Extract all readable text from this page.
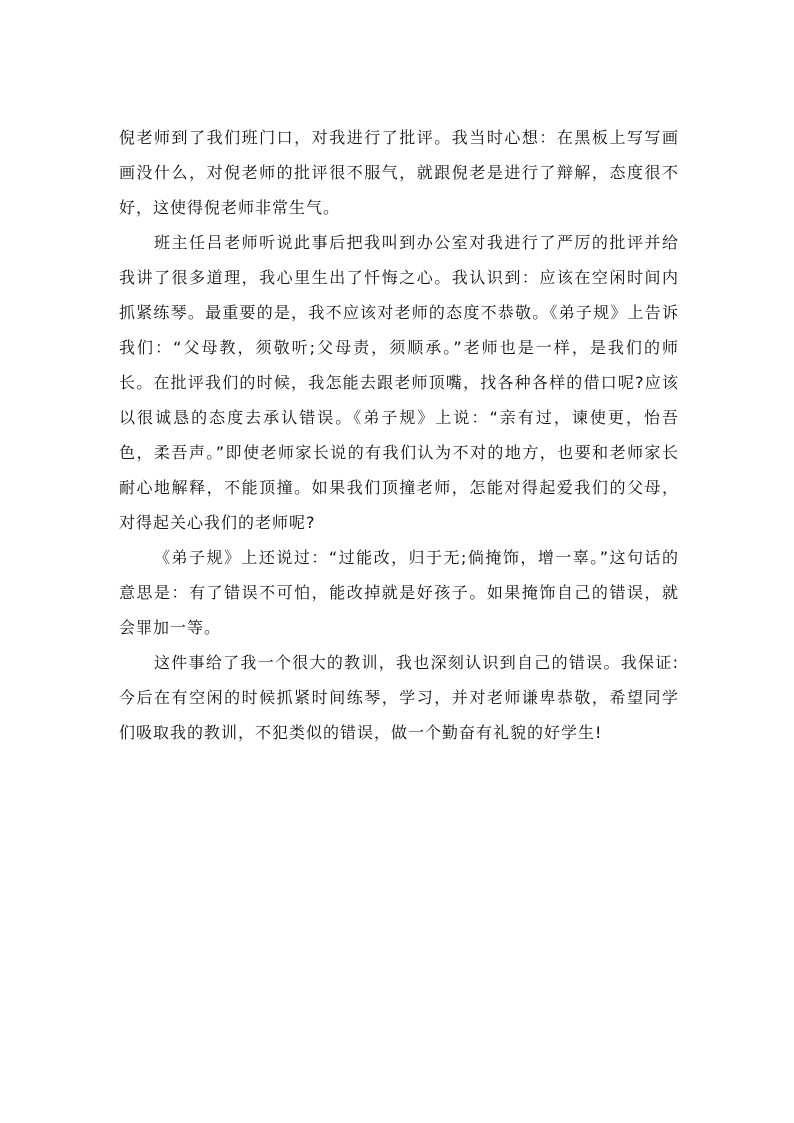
倪老师到了我们班门口，对我进行了批评。我当时心想：在黑板上写写画画没什么，对倪老师的批评很不服气，就跟倪老是进行了辩解，态度很不好，这使得倪老师非常生气。

班主任吕老师听说此事后把我叫到办公室对我进行了严厉的批评并给我讲了很多道理，我心里生出了忏悔之心。我认识到：应该在空闲时间内抓紧练琴。最重要的是，我不应该对老师的态度不恭敬。《弟子规》上告诉我们：“父母教，须敬听;父母责，须顺承。”老师也是一样，是我们的师长。在批评我们的时候，我怎能去跟老师顶嘴，找各种各样的借口呢?应该以很诚恳的态度去承认错误。《弟子规》上说：“亲有过，谏使更，怡吾色，柔吾声。”即使老师家长说的有我们认为不对的地方，也要和老师家长耐心地解释，不能顶撞。如果我们顶撞老师，怎能对得起爱我们的父母，对得起关心我们的老师呢?

《弟子规》上还说过：“过能改，归于无;倘掩饰，增一辜。”这句话的意思是：有了错误不可怕，能改掉就是好孩子。如果掩饰自己的错误，就会罪加一等。

这件事给了我一个很大的教训，我也深刻认识到自己的错误。我保证:今后在有空闲的时候抓紧时间练琴，学习，并对老师谦卑恭敬，希望同学们吸取我的教训，不犯类似的错误，做一个勤奋有礼貌的好学生!
